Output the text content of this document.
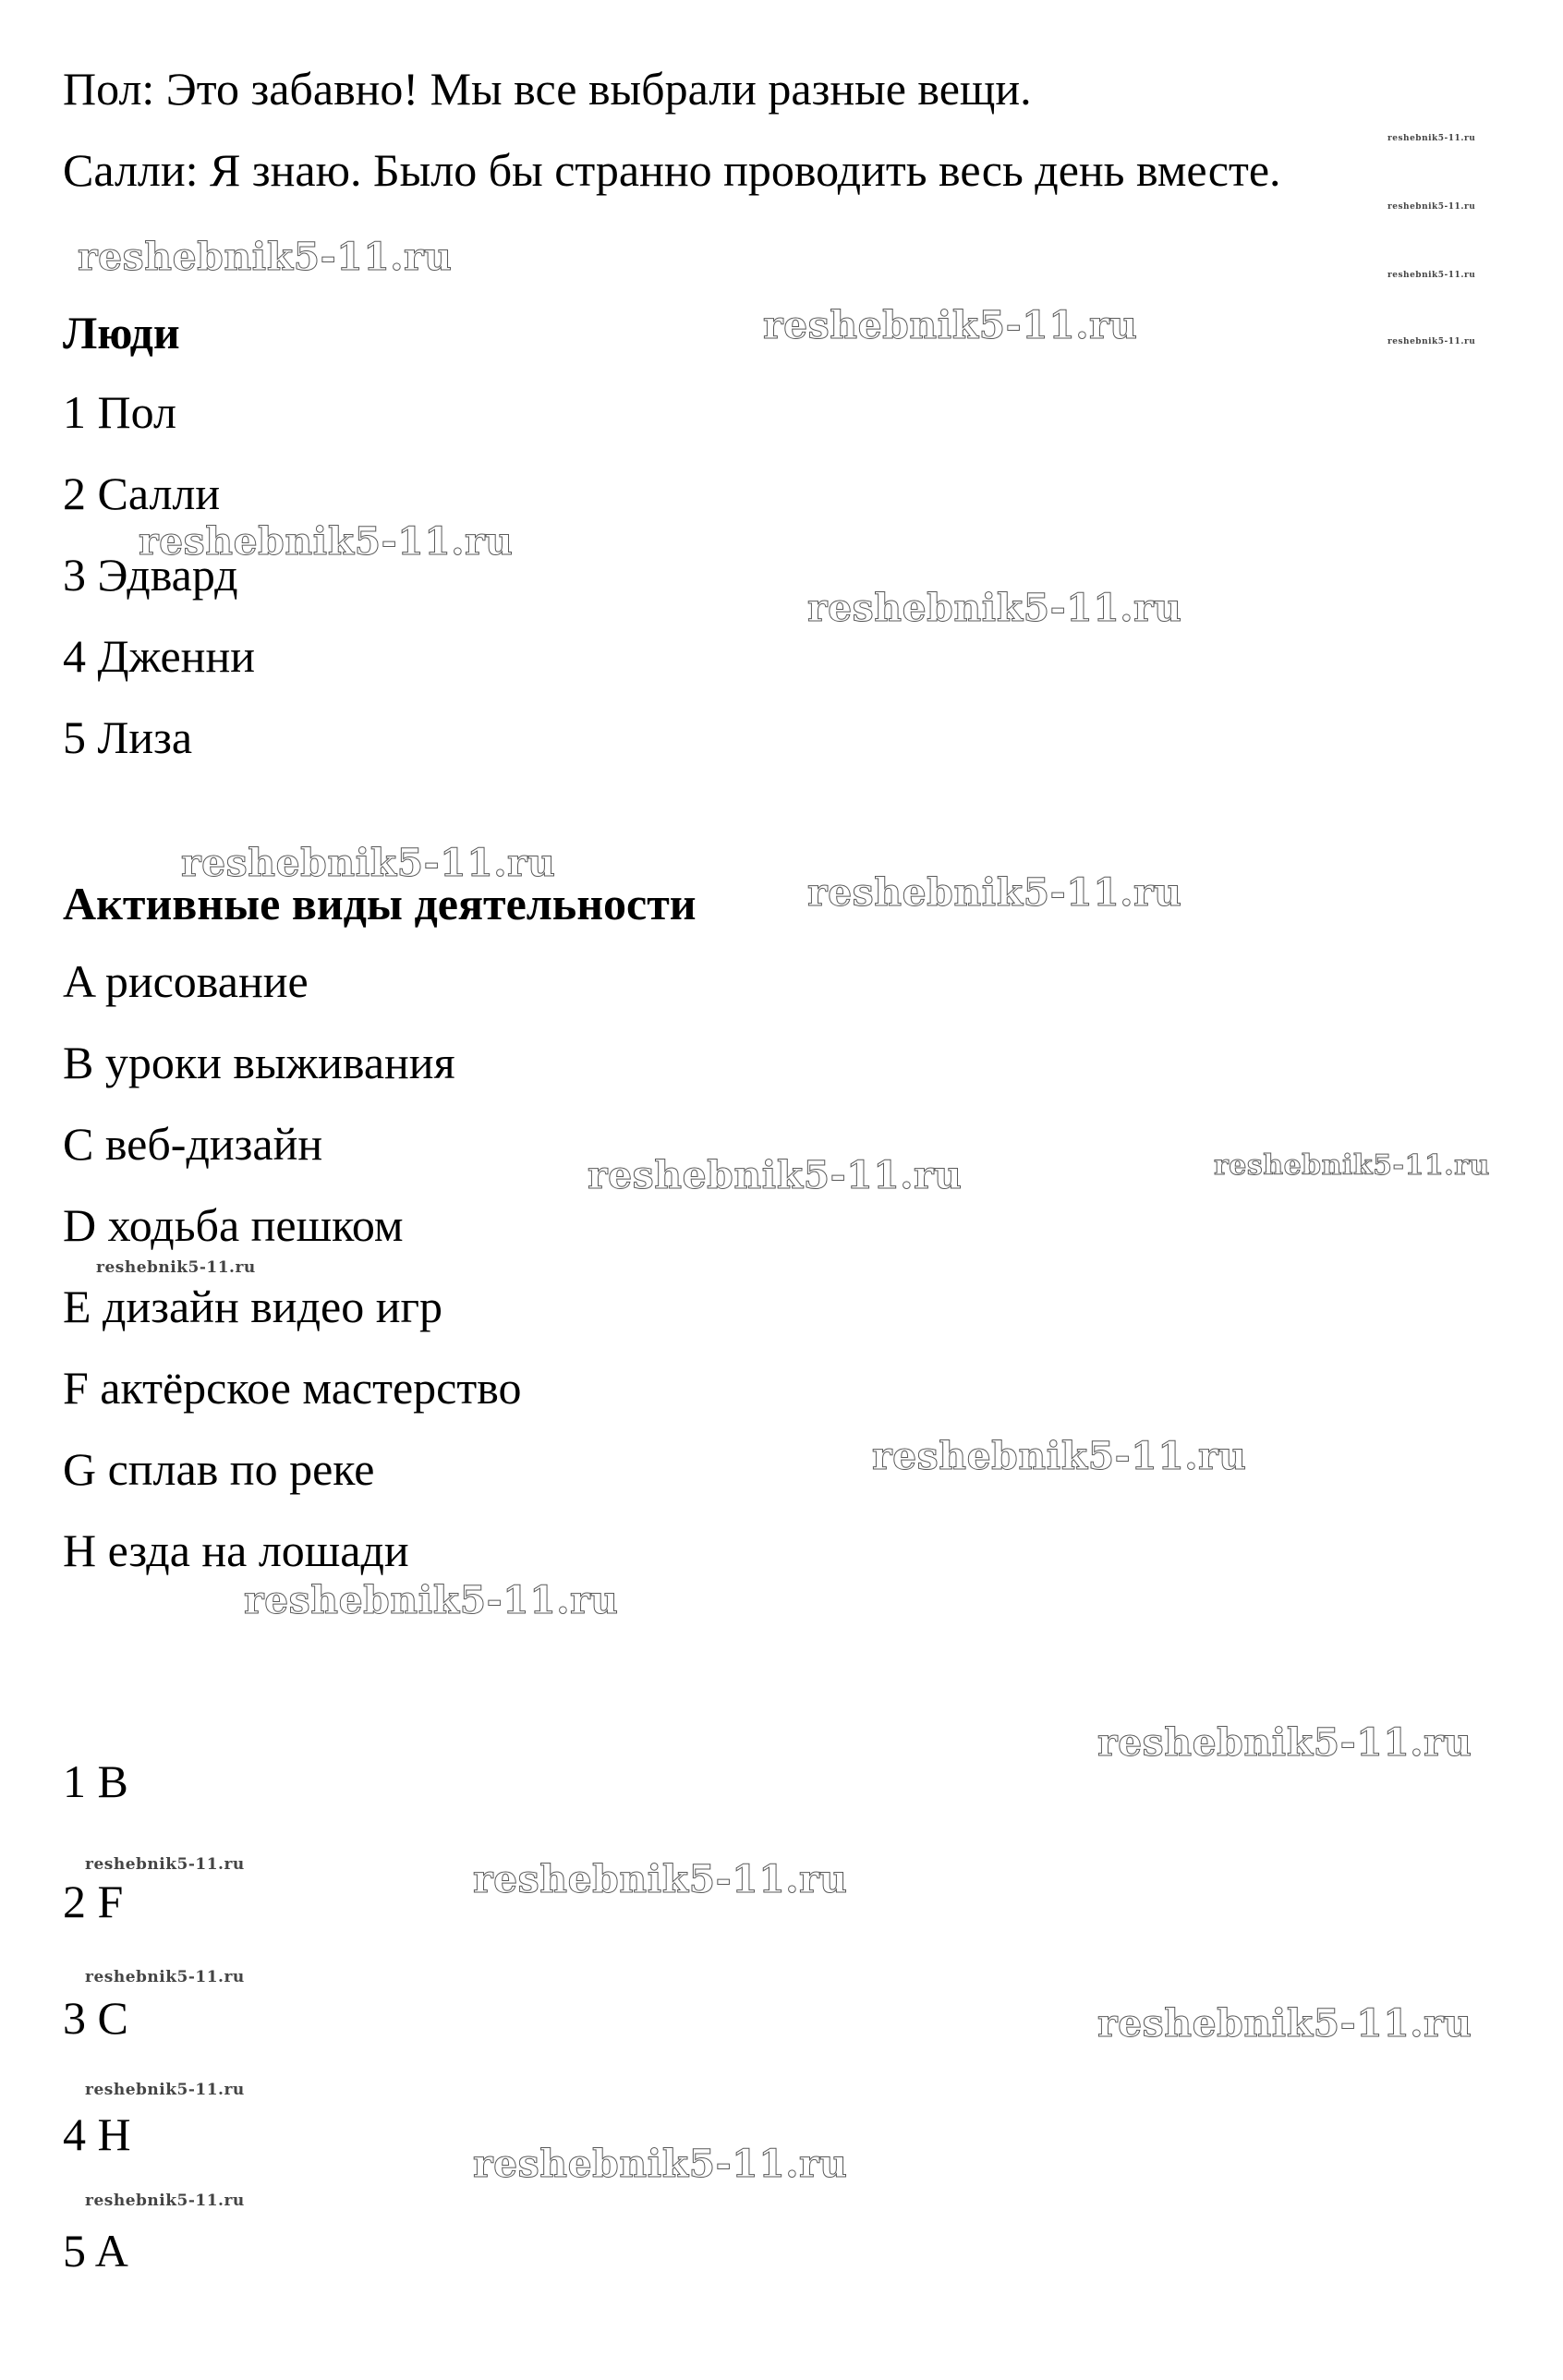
Пол: Это забавно! Мы все выбрали разные вещи.
Салли: Я знаю. Было бы странно проводить весь день вместе.
Люди
1 Пол
2 Салли
3 Эдвард
4 Дженни
5 Лиза
Активные виды деятельности
A рисование
B уроки выживания
C веб-дизайн
D ходьба пешком
E дизайн видео игр
F актёрское мастерство
G сплав по реке
H езда на лошади
1 B
2 F
3 C
4 H
5 A
reshebnik5-11.ru
reshebnik5-11.ru
reshebnik5-11.ru
reshebnik5-11.ru
reshebnik5-11.ru
reshebnik5-11.ru
reshebnik5-11.ru
reshebnik5-11.ru
reshebnik5-11.ru
reshebnik5-11.ru
reshebnik5-11.ru	reshebnik5-11.ru
reshebnik5-11.ru
reshebnik5-11.ru
reshebnik5-11.ru
reshebnik5-11.ru
reshebnik5-11.ru	reshebnik5-11.ru
reshebnik5-11.ru
reshebnik5-11.ru
reshebnik5-11.ru
reshebnik5-11.ru
reshebnik5-11.ru
